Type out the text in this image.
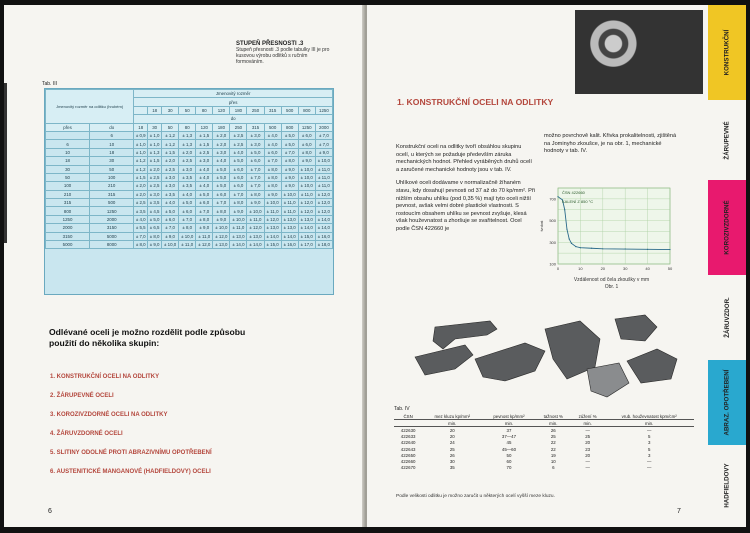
STUPEŇ PŘESNOSTI .3
Stupeň přesnosti .3 podle tabulky III je pro kusovou výrobu odlitků s ručním formováním.
Tab. III
Jmenovitý rozměr na odlitku (hrubém)		Jmenovitý rozměr											
		přes											
			18	30	50	80	120	180	250	315	500	800	1250
		do											
přes	do	18	30	50	80	120	180	250	315	500	800	1250	2000
	6	± 0,9	± 1,0	± 1,2	± 1,3	± 1,5	± 2,0	± 2,5	± 3,0	± 4,0	± 5,0	± 6,0	± 7,0
6	10	± 1,0	± 1,0	± 1,2	± 1,3	± 1,5	± 2,0	± 2,5	± 3,0	± 4,0	± 5,0	± 6,0	± 7,0
10	18	± 1,0	± 1,3	± 1,5	± 2,0	± 2,5	± 3,0	± 4,0	± 5,0	± 6,0	± 7,0	± 8,0	± 9,0
18	30	± 1,2	± 1,5	± 2,0	± 2,5	± 3,0	± 4,0	± 5,0	± 6,0	± 7,0	± 8,0	± 9,0	± 10,0
30	50	± 1,2	± 2,0	± 2,5	± 3,0	± 4,0	± 5,0	± 6,0	± 7,0	± 8,0	± 9,0	± 10,0	± 11,0
50	100	± 1,5	± 2,5	± 3,0	± 3,5	± 4,0	± 5,0	± 6,0	± 7,0	± 8,0	± 9,0	± 10,0	± 11,0
100	210	± 2,0	± 2,5	± 3,0	± 3,5	± 4,0	± 5,0	± 6,0	± 7,0	± 8,0	± 9,0	± 10,0	± 11,0
210	315	± 2,0	± 3,0	± 3,5	± 4,0	± 5,0	± 6,0	± 7,0	± 8,0	± 9,0	± 10,0	± 11,0	± 12,0
315	500	± 2,5	± 3,5	± 4,0	± 5,0	± 6,0	± 7,0	± 8,0	± 9,0	± 10,0	± 11,0	± 12,0	± 12,0
800	1250	± 3,5	± 4,5	± 5,0	± 6,0	± 7,0	± 8,0	± 9,0	± 10,0	± 11,0	± 11,0	± 12,0	± 12,0
1250	2000	± 4,0	± 5,0	± 6,0	± 7,0	± 8,0	± 9,0	± 10,0	± 11,0	± 12,0	± 13,0	± 13,0	± 14,0
2000	3150	± 5,5	± 6,5	± 7,0	± 8,0	± 9,0	± 10,0	± 11,0	± 12,0	± 13,0	± 13,0	± 14,0	± 14,0
3150	5000	± 7,0	± 8,0	± 9,0	± 10,0	± 11,0	± 12,0	± 13,0	± 13,0	± 14,0	± 14,0	± 15,0	± 16,0
5000	8000	± 8,0	± 9,0	± 10,0	± 11,0	± 12,0	± 13,0	± 14,0	± 14,0	± 15,0	± 16,0	± 17,0	± 18,0
Odlévané oceli je možno rozdělit podle způsobu použití do několika skupin:
1. KONSTRUKČNÍ OCELI NA ODLITKY
2. ŽÁRUPEVNÉ OCELI
3. KOROZIVZDORNÉ OCELI NA ODLITKY
4. ŽÁRUVZDORNÉ OCELI
5. SLITINY ODOLNÉ PROTI ABRAZIVNÍMU OPOTŘEBENÍ
6. AUSTENITICKÉ MANGANOVÉ (HADFIELDOVY) OCELI
6
1. KONSTRUKČNÍ OCELI NA ODLITKY

Konstrukční oceli na odlitky tvoří obsáhlou skupinu ocelí, u kterých se požaduje především záruka mechanických hodnot. Přehled vyráběných druhů ocelí a zaručené mechanické hodnoty jsou v tab. IV.

Uhlíkové oceli dodávame v normalizačně žíhaném stavu, kdy dosahují pevnosti od 37 až do 70 kp/mm². Při nižším obsahu uhlíku (pod 0,35 %) mají tyto oceli nižší pevnost, avšak velmi dobré plastické vlastnosti. S rostoucím obsahem uhlíku se pevnost zvyšuje, klesá však houževnatost a zhoršuje se svařitelnost. Ocel podle ČSN 422660 je

možno povrchově kalit. Křivka prokalitelnosti, zjištěná na Jominyho zkoušce, je na obr. 1, mechanické hodnoty v tab. IV.

100
300
500
700
0	10	20	30	40	50
tvrdost
ČSN 422660
KALENÍ Z 850 °C
Vzdálenost od čela zkoušky v mm
Obr. 1
Tab. IV
ČSN	mez kluzu kp/mm²	pevnost kp/mm²	tažnost %	zúžení %	vrub. houževnatost kpm/cm²
	min.	min.	min.	min.	min.
422630	20	37	26	—	—
422633	20	37—47	25	25	5
422640	24	45	22	20	3
422643	25	45—60	22	23	5
422650	26	50	19	20	3
422660	30	60	10	—	—
422670	35	70	6	—	—
Podle velikosti odlitku je možno zaručit u některých ocelí vyšší meze kluzu.
7
KONSTRUKČNÍ
ŽÁRUPEVNÉ
KOROZIVZDORNÉ
ŽÁRUVZDOR.
ABRAZ. OPOTŘEBENÍ
HADFIELDOVY
